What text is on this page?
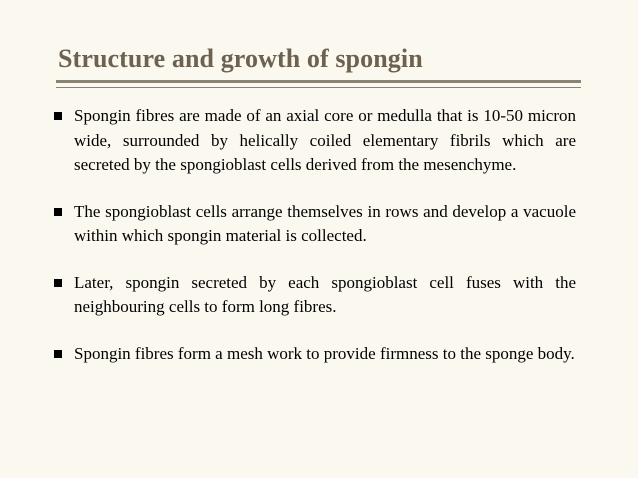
Structure and growth of spongin
Spongin fibres are made of an axial core or medulla that is 10-50 micron wide, surrounded by helically coiled elementary fibrils which are secreted by the spongioblast cells derived from the mesenchyme.
The spongioblast cells arrange themselves in rows and develop a vacuole within which spongin material is collected.
Later, spongin secreted by each spongioblast cell fuses with the neighbouring cells to form long fibres.
Spongin fibres form a mesh work to provide firmness to the sponge body.
